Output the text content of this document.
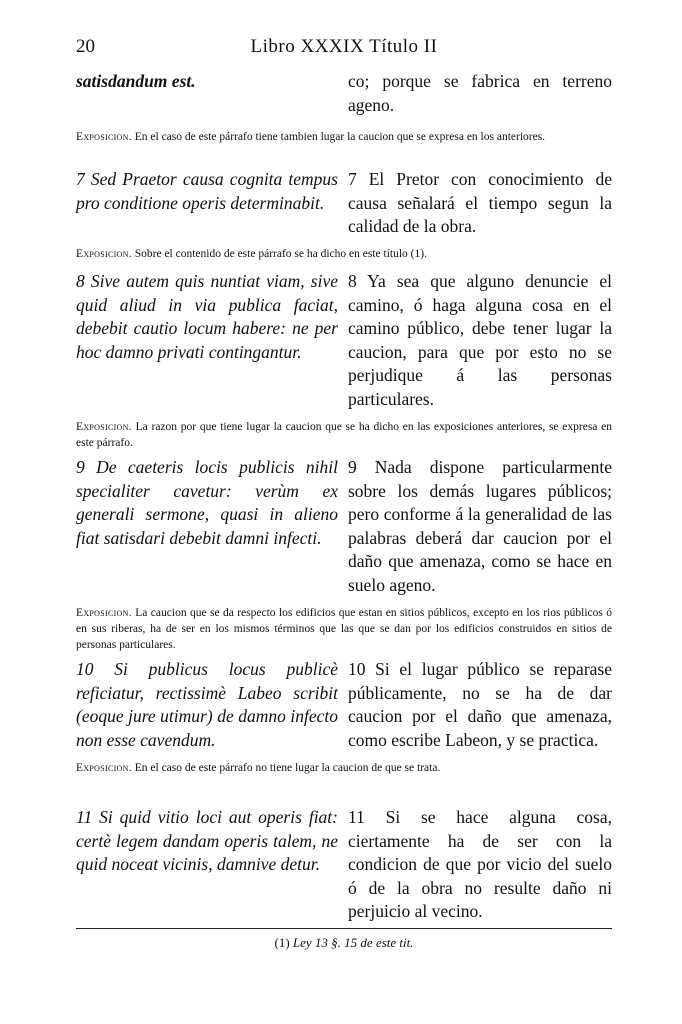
20	Libro XXXIX Título II
satisdandum est.	co; porque se fabrica en terreno ageno.
Exposicion. En el caso de este párrafo tiene tambien lugar la caucion que se expresa en los anteriores.
7 Sed Praetor causa cognita tempus pro conditione operis determinabit.
7 El Pretor con conocimiento de causa señalará el tiempo segun la calidad de la obra.
Exposicion. Sobre el contenido de este párrafo se ha dicho en este título (1).
8 Sive autem quis nuntiat viam, sive quid aliud in via publica faciat, debebit cautio locum habere: ne per hoc damno privati contingantur.
8 Ya sea que alguno denuncie el camino, ó haga alguna cosa en el camino público, debe tener lugar la caucion, para que por esto no se perjudique á las personas particulares.
Exposicion. La razon por que tiene lugar la caucion que se ha dicho en las exposiciones anteriores, se expresa en este párrafo.
9 De caeteris locis publicis nihil specialiter cavetur: verùm ex generali sermone, quasi in alieno fiat satisdari debebit damni infecti.
9 Nada dispone particularmente sobre los demás lugares públicos; pero conforme á la generalidad de las palabras deberá dar caucion por el daño que amenaza, como se hace en suelo ageno.
Exposicion. La caucion que se da respecto los edificios que estan en sitios públicos, excepto en los rios públicos ó en sus riberas, ha de ser en los mismos términos que las que se dan por los edificios construidos en sitios de personas particulares.
10 Si publicus locus publicè reficiatur, rectissimè Labeo scribit (eoque jure utimur) de damno infecto non esse cavendum.
10 Si el lugar público se reparase públicamente, no se ha de dar caucion por el daño que amenaza, como escribe Labeon, y se practica.
Exposicion. En el caso de este párrafo no tiene lugar la caucion de que se trata.
11 Si quid vitio loci aut operis fiat: certè legem dandam operis talem, ne quid noceat vicinis, damnive detur.
11 Si se hace alguna cosa, ciertamente ha de ser con la condicion de que por vicio del suelo ó de la obra no resulte daño ni perjuicio al vecino.
(1) Ley 13 §. 15 de este tit.
